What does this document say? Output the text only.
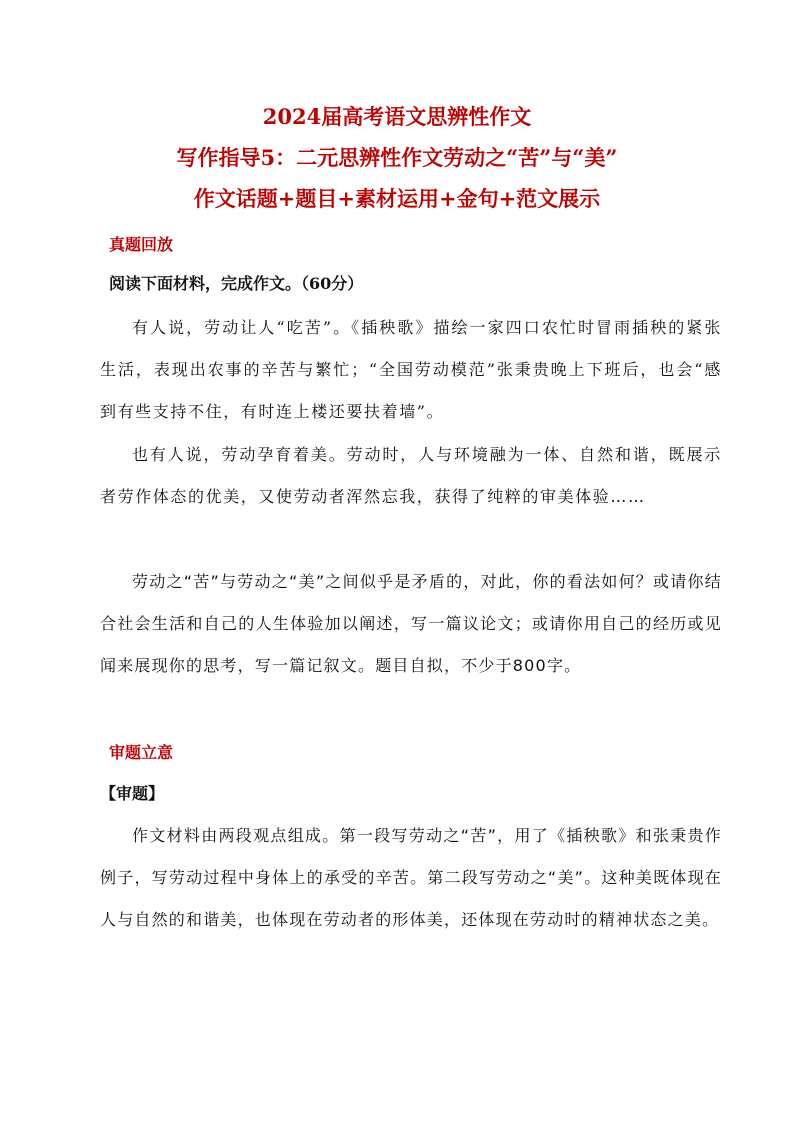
2024届高考语文思辨性作文
写作指导5：二元思辨性作文劳动之“苦”与“美”
作文话题+题目+素材运用+金句+范文展示
真题回放
阅读下面材料，完成作文。（60分）
有人说，劳动让人“吃苦”。《插秧歌》描绘一家四口农忙时冒雨插秧的紧张生活，表现出农事的辛苦与繁忙；“全国劳动模范”张秉贵晚上下班后，也会“感到有些支持不住，有时连上楼还要扶着墙”。
也有人说，劳动孕育着美。劳动时，人与环境融为一体、自然和谐，既展示者劳作体态的优美，又使劳动者浑然忘我，获得了纯粹的审美体验……
劳动之“苦”与劳动之“美”之间似乎是矛盾的，对此，你的看法如何？或请你结合社会生活和自己的人生体验加以阐述，写一篇议论文；或请你用自己的经历或见闻来展现你的思考，写一篇记叙文。题目自拟，不少于800字。
审题立意
【审题】
作文材料由两段观点组成。第一段写劳动之“苦”，用了《插秧歌》和张秉贵作例子，写劳动过程中身体上的承受的辛苦。第二段写劳动之“美”。这种美既体现在人与自然的和谐美，也体现在劳动者的形体美，还体现在劳动时的精神状态之美。
